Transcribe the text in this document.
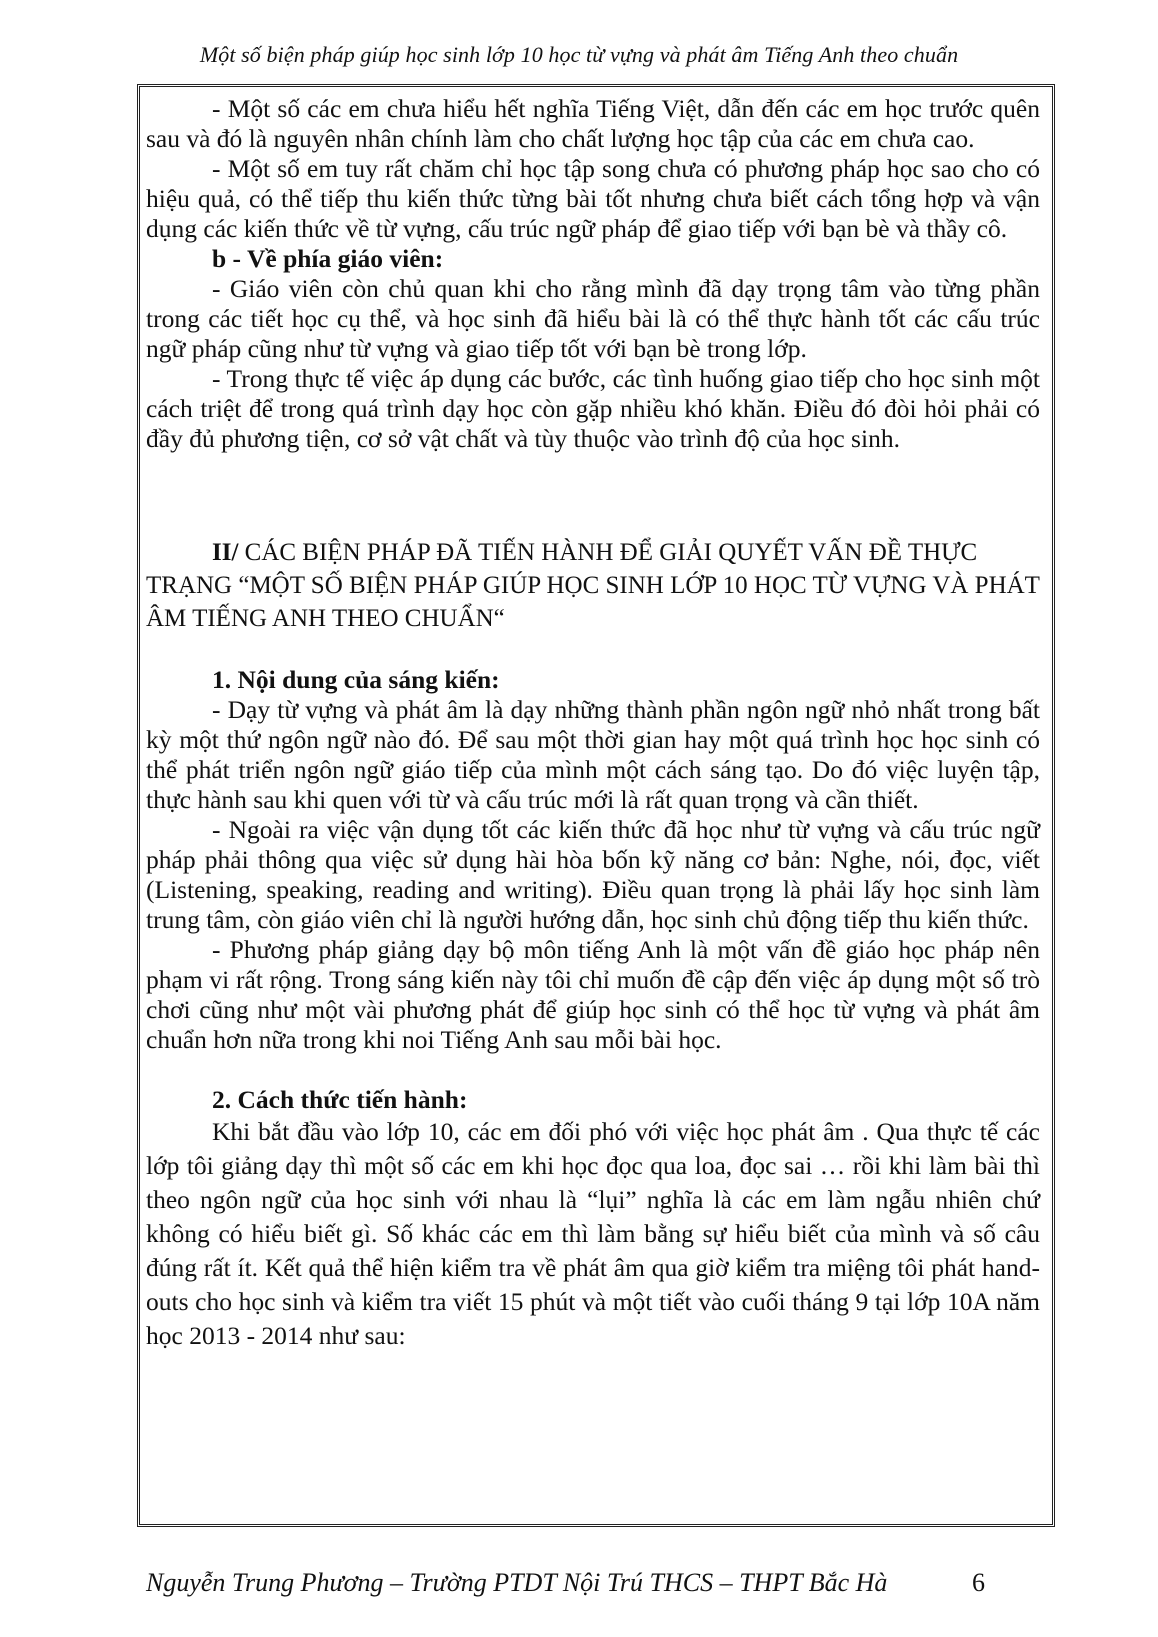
Một số biện pháp giúp học sinh lớp 10 học từ vựng và phát âm Tiếng Anh theo chuẩn

- Một số các em chưa hiểu hết nghĩa Tiếng Việt, dẫn đến các em học trước quên sau và đó là nguyên nhân chính làm cho chất lượng học tập của các em chưa cao.

- Một số em tuy rất chăm chỉ học tập song chưa có phương pháp học sao cho có hiệu quả, có thể tiếp thu kiến thức từng bài tốt nhưng chưa biết cách tổng hợp và vận dụng các kiến thức về từ vựng, cấu trúc ngữ pháp để giao tiếp với bạn bè và thầy cô.

b - Về phía giáo viên:

- Giáo viên còn chủ quan khi cho rằng mình đã dạy trọng tâm vào từng phần trong các tiết học cụ thể, và học sinh đã hiểu bài là có thể thực hành tốt các cấu trúc ngữ pháp cũng như từ vựng và giao tiếp tốt với bạn bè trong lớp.

- Trong thực tế việc áp dụng các bước, các tình huống giao tiếp cho học sinh một cách triệt để trong quá trình dạy học còn gặp nhiều khó khăn. Điều đó đòi hỏi phải có đầy đủ phương tiện, cơ sở vật chất và tùy thuộc vào trình độ của học sinh.

II/ CÁC BIỆN PHÁP ĐÃ TIẾN HÀNH ĐỂ GIẢI QUYẾT VẤN ĐỀ THỰC TRẠNG “MỘT SỐ BIỆN PHÁP GIÚP HỌC SINH LỚP 10 HỌC TỪ VỰNG VÀ PHÁT ÂM TIẾNG ANH THEO CHUẨN“

1. Nội dung của sáng kiến:

- Dạy từ vựng và phát âm là dạy những thành phần ngôn ngữ nhỏ nhất trong bất kỳ một thứ ngôn ngữ nào đó. Để sau một thời gian hay một quá trình học học sinh có thể phát triển ngôn ngữ giáo tiếp của mình một cách sáng tạo. Do đó việc luyện tập, thực hành sau khi quen với từ và cấu trúc mới là rất quan trọng và cần thiết.

- Ngoài ra việc vận dụng tốt các kiến thức đã học như từ vựng và cấu trúc ngữ pháp phải thông qua việc sử dụng hài hòa bốn kỹ năng cơ bản: Nghe, nói, đọc, viết (Listening, speaking, reading and writing). Điều quan trọng là phải lấy học sinh làm trung tâm, còn giáo viên chỉ là người hướng dẫn, học sinh chủ động tiếp thu kiến thức.

- Phương pháp giảng dạy bộ môn tiếng Anh là một vấn đề giáo học pháp nên phạm vi rất rộng. Trong sáng kiến này tôi chỉ muốn đề cập đến việc áp dụng một số trò chơi cũng như một vài phương phát để giúp học sinh có thể học từ vựng và phát âm chuẩn hơn nữa trong khi noi Tiếng Anh sau mỗi bài học.

2. Cách thức tiến hành:

Khi bắt đầu vào lớp 10, các em đối phó với việc học phát âm . Qua thực tế các lớp tôi giảng dạy thì một số các em khi học đọc qua loa, đọc sai … rồi khi làm bài thì theo ngôn ngữ của học sinh với nhau là “lụi” nghĩa là các em làm ngẫu nhiên chứ không có hiểu biết gì. Số khác các em thì làm bằng sự hiểu biết của mình và số câu đúng rất ít. Kết quả thể hiện kiểm tra về phát âm qua giờ kiểm tra miệng tôi phát hand-outs cho học sinh và kiểm tra viết 15 phút và một tiết vào cuối tháng 9 tại lớp 10A năm học 2013 - 2014 như sau:

Nguyễn Trung Phương – Trường PTDT Nội Trú THCS – THPT Bắc Hà	6
